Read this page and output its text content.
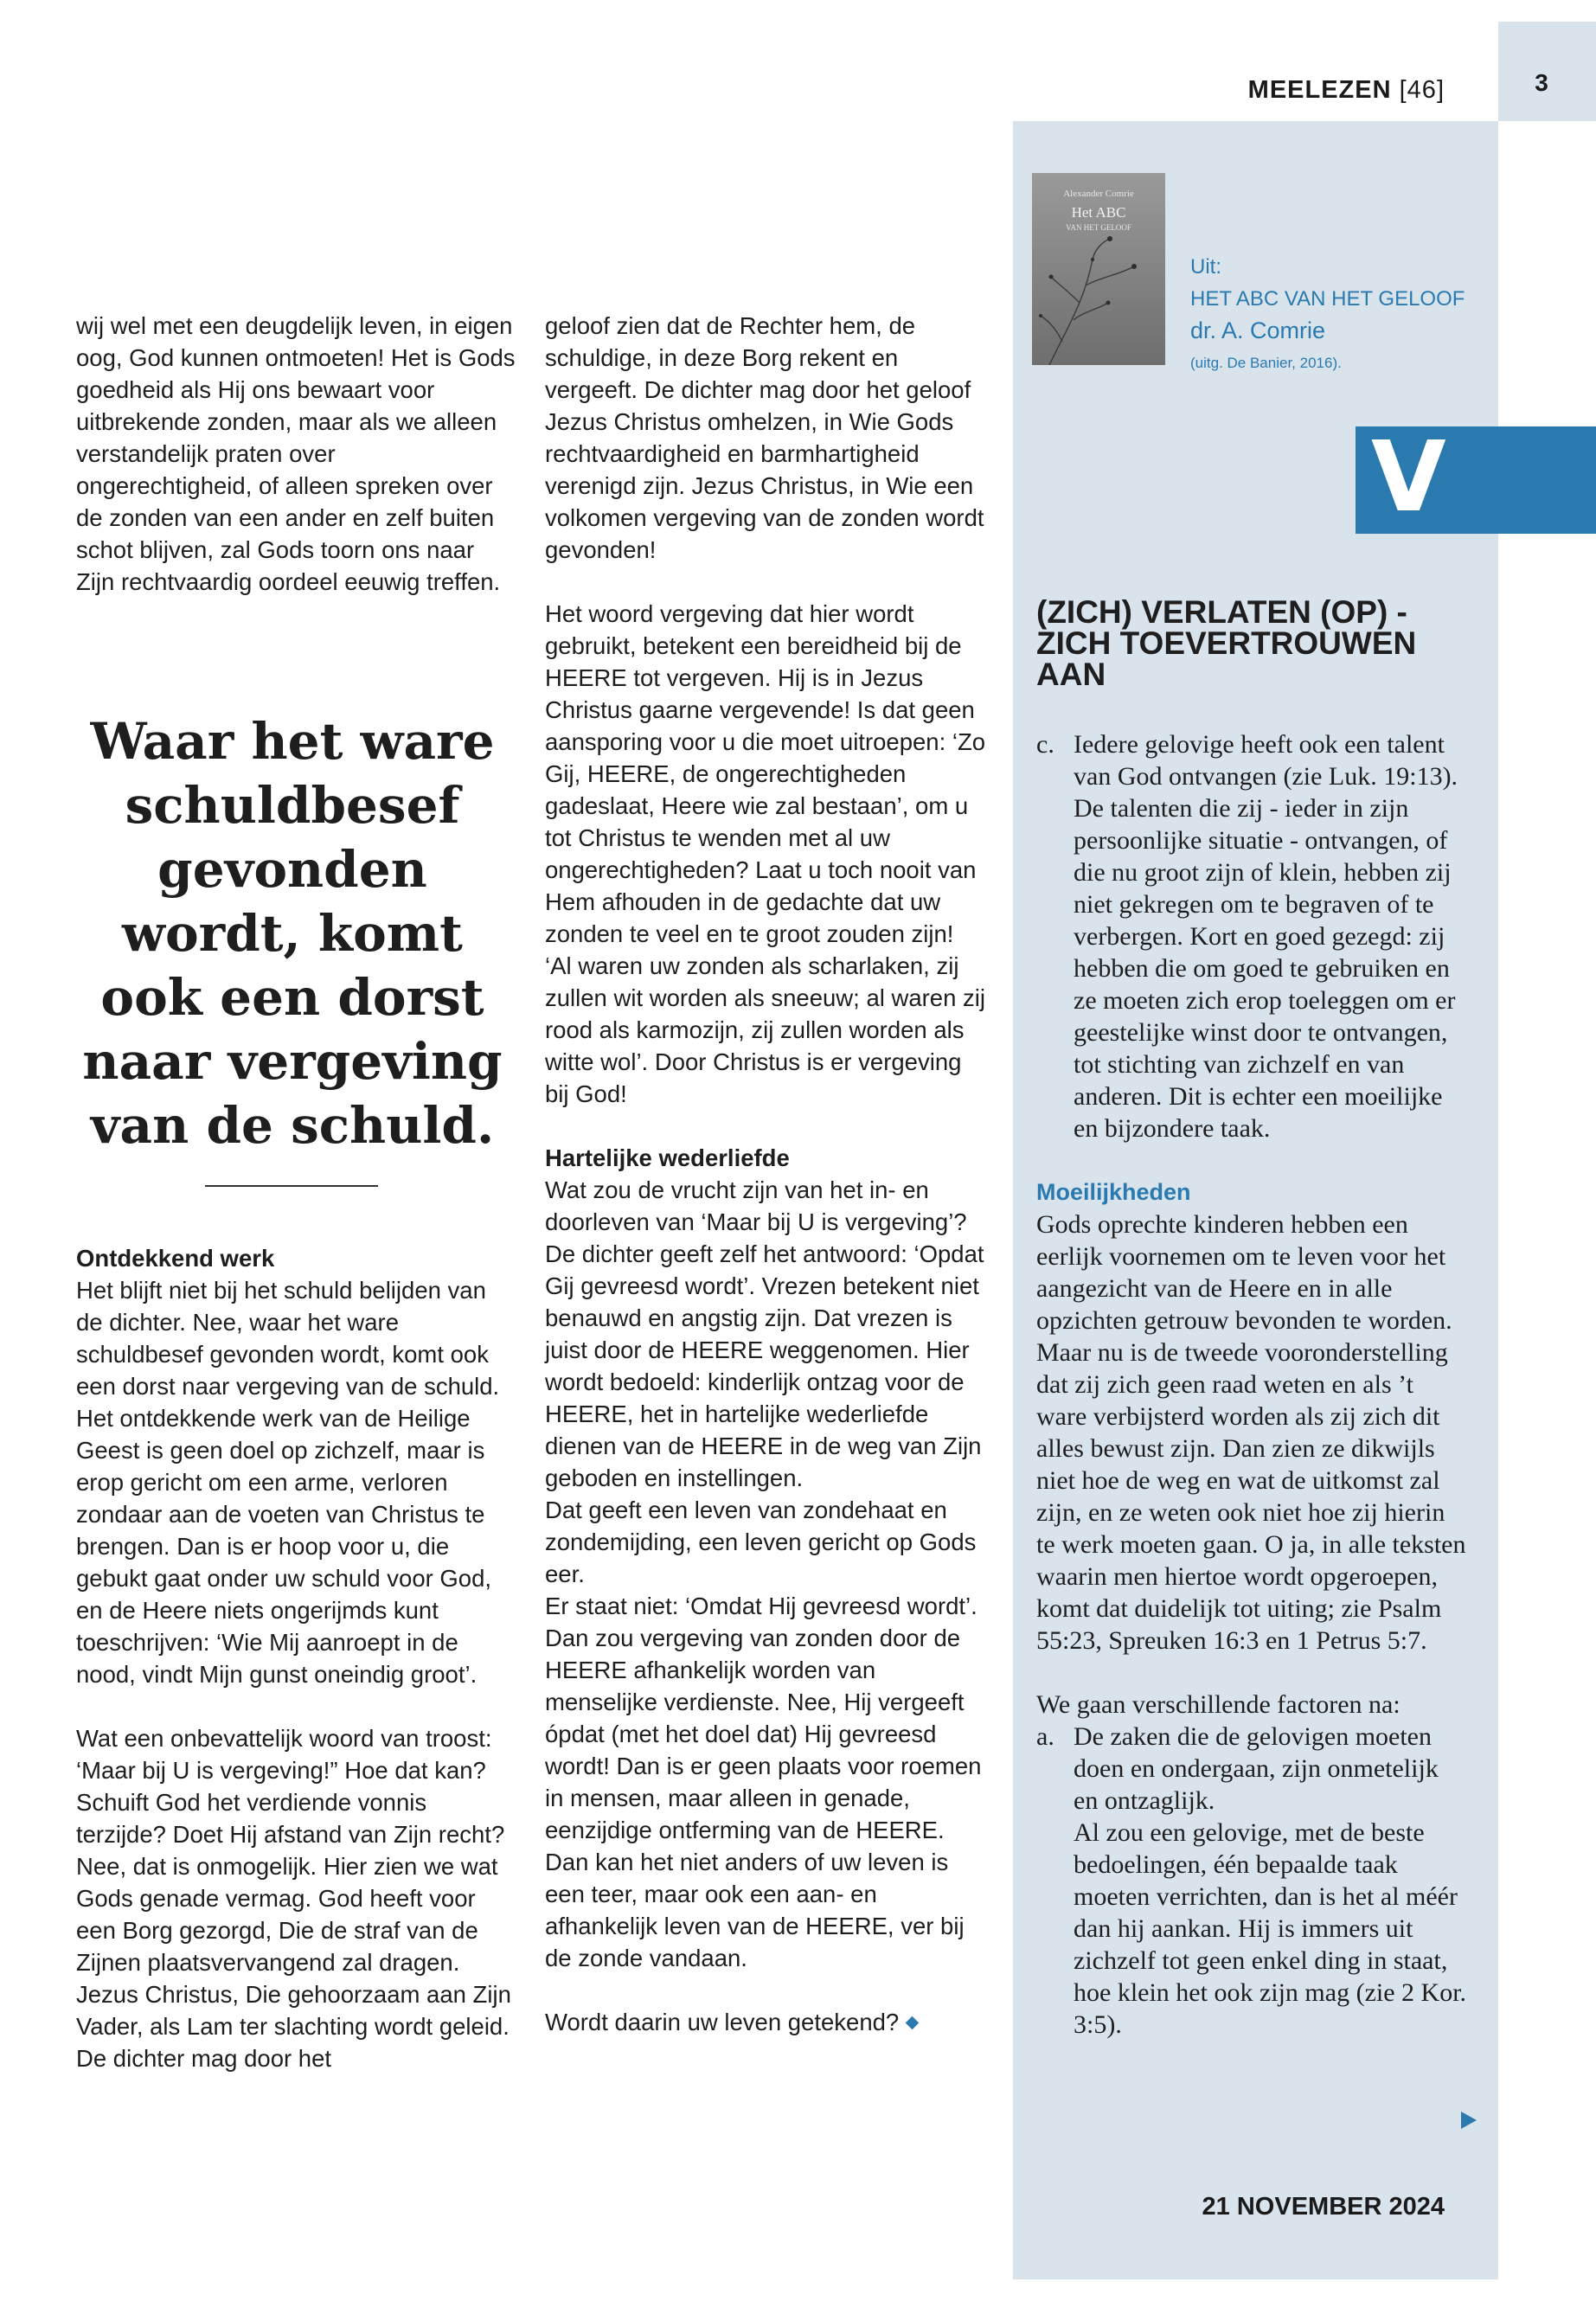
3
MEELEZEN [46]

wij wel met een deugdelijk leven, in eigen oog, God kunnen ontmoeten! Het is Gods goedheid als Hij ons bewaart voor uitbrekende zonden, maar als we alleen verstandelijk praten over ongerechtigheid, of alleen spreken over de zonden van een ander en zelf buiten schot blijven, zal Gods toorn ons naar Zijn rechtvaardig oordeel eeuwig treffen.

Waar het ware schuldbesef gevonden wordt, komt ook een dorst naar vergeving van de schuld.

Ontdekkend werk

Het blijft niet bij het schuld belijden van de dichter. Nee, waar het ware schuldbesef gevonden wordt, komt ook een dorst naar vergeving van de schuld. Het ontdekkende werk van de Heilige Geest is geen doel op zichzelf, maar is erop gericht om een arme, verloren zondaar aan de voeten van Christus te brengen. Dan is er hoop voor u, die gebukt gaat onder uw schuld voor God, en de Heere niets ongerijmds kunt toeschrijven: ‘Wie Mij aanroept in de nood, vindt Mijn gunst oneindig groot’.

Wat een onbevattelijk woord van troost: ‘Maar bij U is vergeving!” Hoe dat kan? Schuift God het verdiende vonnis terzijde? Doet Hij afstand van Zijn recht? Nee, dat is onmogelijk. Hier zien we wat Gods genade vermag. God heeft voor een Borg gezorgd, Die de straf van de Zijnen plaatsvervangend zal dragen. Jezus Christus, Die gehoorzaam aan Zijn Vader, als Lam ter slachting wordt geleid. De dichter mag door het

geloof zien dat de Rechter hem, de schuldige, in deze Borg rekent en vergeeft. De dichter mag door het geloof Jezus Christus omhelzen, in Wie Gods rechtvaardigheid en barmhartigheid verenigd zijn. Jezus Christus, in Wie een volkomen vergeving van de zonden wordt gevonden!

Het woord vergeving dat hier wordt gebruikt, betekent een bereidheid bij de HEERE tot vergeven. Hij is in Jezus Christus gaarne vergevende! Is dat geen aansporing voor u die moet uitroepen: ‘Zo Gij, HEERE, de ongerechtigheden gadeslaat, Heere wie zal bestaan’, om u tot Christus te wenden met al uw ongerechtigheden? Laat u toch nooit van Hem afhouden in de gedachte dat uw zonden te veel en te groot zouden zijn! ‘Al waren uw zonden als scharlaken, zij zullen wit worden als sneeuw; al waren zij rood als karmozijn, zij zullen worden als witte wol’. Door Christus is er vergeving bij God!

Hartelijke wederliefde

Wat zou de vrucht zijn van het in- en doorleven van ‘Maar bij U is vergeving’? De dichter geeft zelf het antwoord: ‘Opdat Gij gevreesd wordt’. Vrezen betekent niet benauwd en angstig zijn. Dat vrezen is juist door de HEERE weggenomen. Hier wordt bedoeld: kinderlijk ontzag voor de HEERE, het in hartelijke wederliefde dienen van de HEERE in de weg van Zijn geboden en instellingen.

Dat geeft een leven van zondehaat en zondemijding, een leven gericht op Gods eer.

Er staat niet: ‘Omdat Hij gevreesd wordt’. Dan zou vergeving van zonden door de HEERE afhankelijk worden van menselijke verdienste. Nee, Hij vergeeft ópdat (met het doel dat) Hij gevreesd wordt! Dan is er geen plaats voor roemen in mensen, maar alleen in genade, eenzijdige ontferming van de HEERE. Dan kan het niet anders of uw leven is een teer, maar ook een aan- en afhankelijk leven van de HEERE, ver bij de zonde vandaan.

Wordt daarin uw leven getekend?

Alexander Comrie
Het ABC
VAN HET GELOOF
Uit:
HET ABC VAN HET GELOOF
dr. A. Comrie
(uitg. De Banier, 2016).
V
(ZICH) VERLATEN (OP) - ZICH TOEVERTROUWEN AAN
c. Iedere gelovige heeft ook een talent van God ontvangen (zie Luk. 19:13). De talenten die zij - ieder in zijn persoonlijke situatie - ontvangen, of die nu groot zijn of klein, hebben zij niet gekregen om te begraven of te verbergen. Kort en goed gezegd: zij hebben die om goed te gebruiken en ze moeten zich erop toeleggen om er geestelijke winst door te ontvangen, tot stichting van zichzelf en van anderen. Dit is echter een moeilijke en bijzondere taak.

Moeilijkheden

Gods oprechte kinderen hebben een eerlijk voornemen om te leven voor het aangezicht van de Heere en in alle opzichten getrouw bevonden te worden. Maar nu is de tweede vooronderstelling dat zij zich geen raad weten en als ’t ware verbijsterd worden als zij zich dit alles bewust zijn. Dan zien ze dikwijls niet hoe de weg en wat de uitkomst zal zijn, en ze weten ook niet hoe zij hierin te werk moeten gaan. O ja, in alle teksten waarin men hiertoe wordt opgeroepen, komt dat duidelijk tot uiting; zie Psalm 55:23, Spreuken 16:3 en 1 Petrus 5:7.

We gaan verschillende factoren na:

a. De zaken die de gelovigen moeten doen en ondergaan, zijn onmetelijk en ontzaglijk.
Al zou een gelovige, met de beste bedoelingen, één bepaalde taak moeten verrichten, dan is het al méér dan hij aankan. Hij is immers uit zichzelf tot geen enkel ding in staat, hoe klein het ook zijn mag (zie 2 Kor. 3:5).
21 NOVEMBER 2024
